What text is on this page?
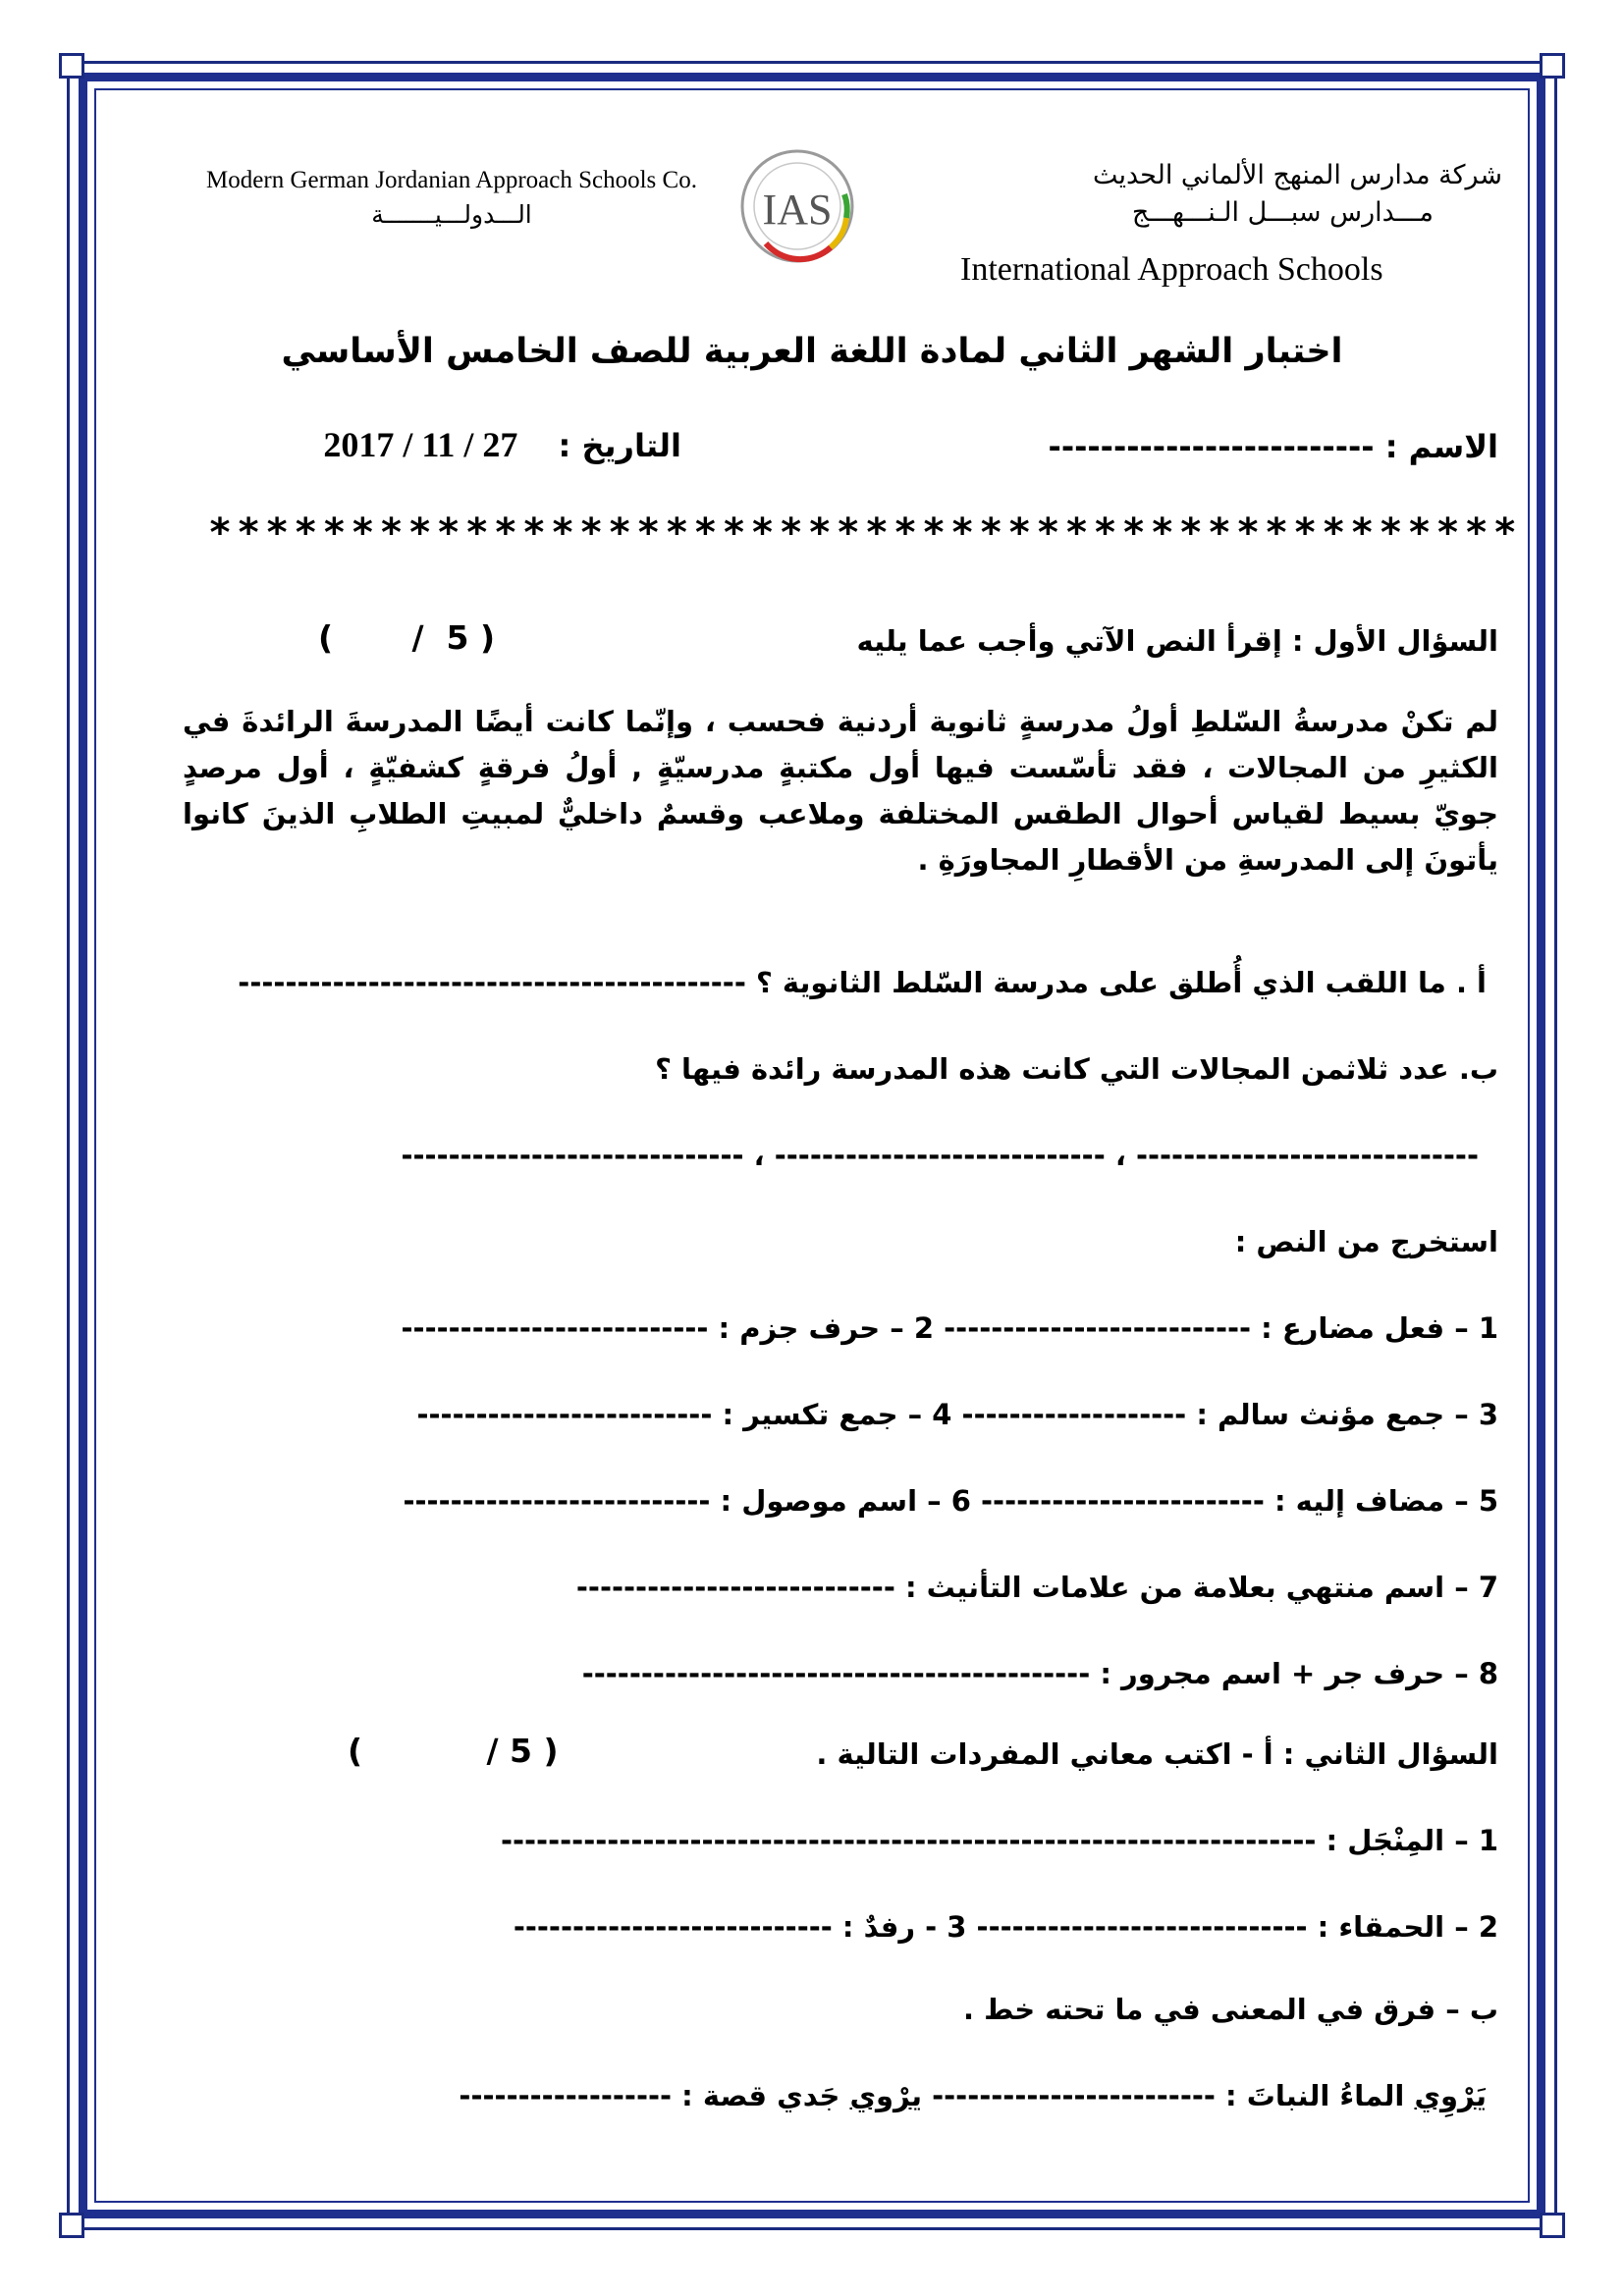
Modern German Jordanian Approach Schools Co.
الـــدولـــيـــــــة	IAS
شركة مدارس المنهج الألماني الحديث
مـــدارس سبـــل الـنـــهـــج
International Approach Schools
اختبار الشهر الثاني لمادة اللغة العربية للصف الخامس الأساسي
الاسم : -------------------------
التاريخ : 2017 / 11 / 27
**********************************************
السؤال الأول : إقرأ النص الآتي وأجب عما يليه
(       /  5 )
لم تكنْ مدرسةُ السّلطِ أولُ مدرسةٍ ثانوية أردنية فحسب ، وإنّما كانت أيضًا المدرسةَ الرائدةَ في الكثيرِ من المجالات ، فقد تأسّست فيها أول مكتبةٍ مدرسيّةٍ , أولُ فرقةٍ كشفيّةٍ ، أول مرصدٍ جويّ بسيط لقياس أحوال الطقس المختلفة وملاعب وقسمٌ داخليٌّ لمبيتِ الطلابِ الذينَ كانوا يأتونَ إلى المدرسةِ من الأقطارِ المجاورَةِ .
أ . ما اللقب الذي أُطلق على مدرسة السّلط الثانوية ؟ -------------------------------------------
ب. عدد ثلاثمن المجالات التي كانت هذه المدرسة رائدة فيها ؟
----------------------------- ، ---------------------------- ، -----------------------------
استخرج من النص :
1 – فعل مضارع : -------------------------- 2 – حرف جزم : --------------------------
3 – جمع مؤنث سالم : ------------------- 4 – جمع تكسير : -------------------------
5 – مضاف إليه : ------------------------ 6 – اسم موصول : --------------------------
7 – اسم منتهي بعلامة من علامات التأنيث : ---------------------------
8 – حرف جر + اسم مجرور : -------------------------------------------
السؤال الثاني : أ - اكتب معاني المفردات التالية .
(           / 5 )
1 – المِنْجَل : ---------------------------------------------------------------------
2 – الحمقاء : ---------------------------- 3 - رفدٌ : ---------------------------
ب – فرق في المعنى في ما تحته خط .
يَرْوِي الماءُ النباتَ : ------------------------ يرْوي جَدي قصة : ------------------
